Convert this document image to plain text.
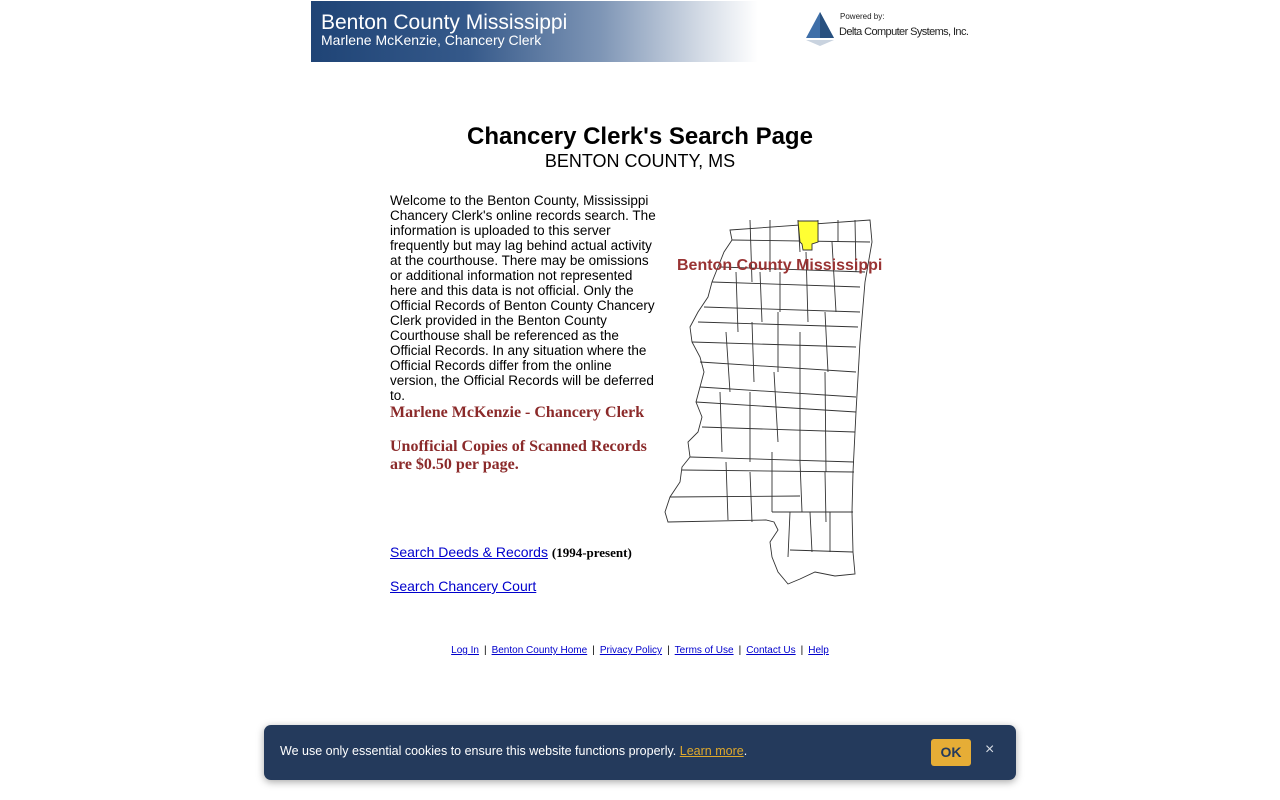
Benton County Mississippi
Marlene McKenzie, Chancery Clerk
Powered by:
Delta Computer Systems, Inc.
Chancery Clerk's Search Page
BENTON COUNTY, MS
Welcome to the Benton County, Mississippi Chancery Clerk's online records search. The information is uploaded to this server frequently but may lag behind actual activity at the courthouse. There may be omissions or additional information not represented here and this data is not official. Only the Official Records of Benton County Chancery Clerk provided in the Benton County Courthouse shall be referenced as the Official Records. In any situation where the Official Records differ from the online version, the Official Records will be deferred to.
Marlene McKenzie - Chancery Clerk
Unofficial Copies of Scanned Records are $0.50 per page.
Search Deeds & Records (1994-present)
Search Chancery Court
Benton County Mississippi
Log In | Benton County Home | Privacy Policy | Terms of Use | Contact Us | Help
We use only essential cookies to ensure this website functions properly. Learn more.	OK	×
